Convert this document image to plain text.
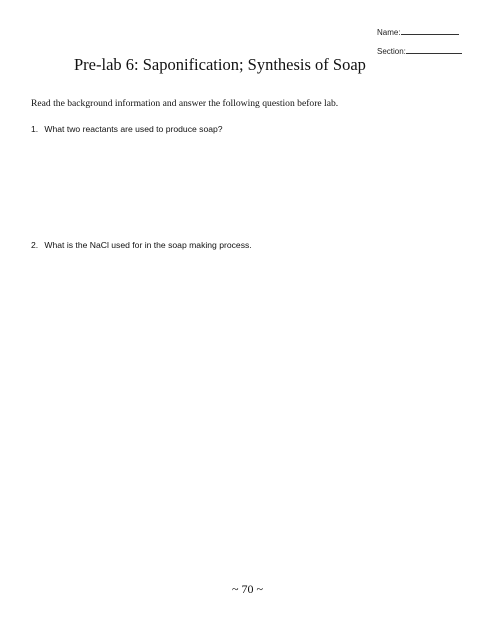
Name:
Section:
Pre-lab 6: Saponification; Synthesis of Soap
Read the background information and answer the following question before lab.
1. What two reactants are used to produce soap?
2. What is the NaCl used for in the soap making process.
~ 70 ~
